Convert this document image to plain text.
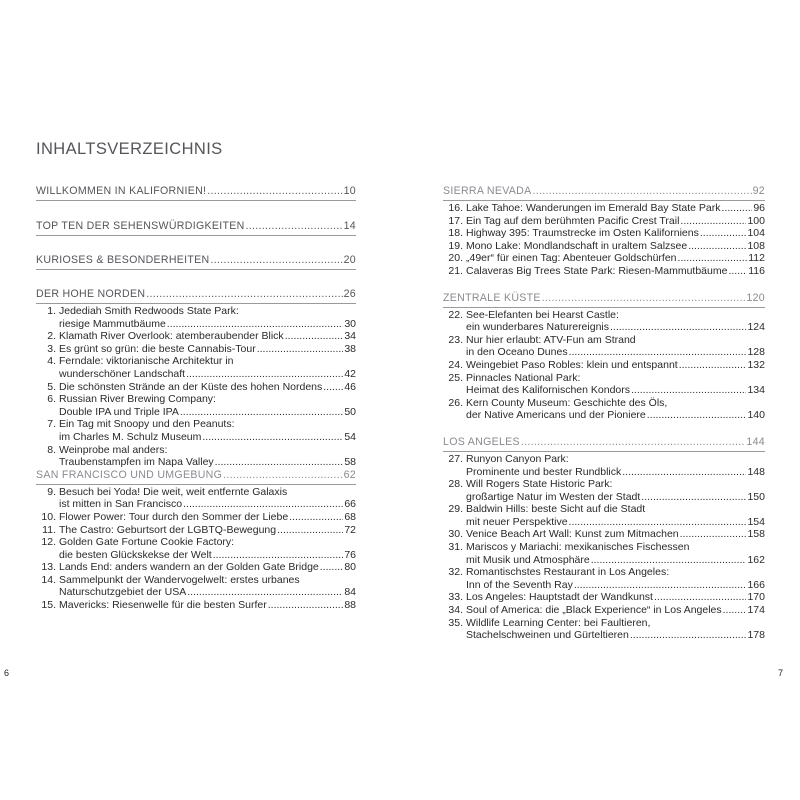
INHALTSVERZEICHNIS
WILLKOMMEN IN KALIFORNIEN! .....	10
TOP TEN DER SEHENSWÜRDIGKEITEN .....	14
KURIOSES & BESONDERHEITEN .....	20
DER HOHE NORDEN .....	26
1. Jedediah Smith Redwoods State Park:
riesige Mammutbäume .....	30
2. Klamath River Overlook: atemberaubender Blick .....	34
3. Es grünt so grün: die beste Cannabis-Tour .....	38
4. Ferndale: viktorianische Architektur in
wunderschöner Landschaft .....	42
5. Die schönsten Strände an der Küste des hohen Nordens ..... 46
6. Russian River Brewing Company:
Double IPA und Triple IPA .....	50
7. Ein Tag mit Snoopy und den Peanuts:
im Charles M. Schulz Museum .....	54
8. Weinprobe mal anders:
Traubenstampfen im Napa Valley .....	58
SAN FRANCISCO UND UMGEBUNG .....	62
9. Besuch bei Yoda! Die weit, weit entfernte Galaxis
ist mitten in San Francisco .....	66
10. Flower Power: Tour durch den Sommer der Liebe .....	68
11. The Castro: Geburtsort der LGBTQ-Bewegung .....	72
12. Golden Gate Fortune Cookie Factory:
die besten Glückskekse der Welt .....	76
13. Lands End: anders wandern an der Golden Gate Bridge ..... 80
14. Sammelpunkt der Wandervogelwelt: erstes urbanes
Naturschutzgebiet der USA .....	84
15. Mavericks: Riesenwelle für die besten Surfer .....	88
SIERRA NEVADA .....	92
16. Lake Tahoe: Wanderungen im Emerald Bay State Park .....	96
17. Ein Tag auf dem berühmten Pacific Crest Trail .....	100
18. Highway 395: Traumstrecke im Osten Kaliforniens .....	104
19. Mono Lake: Mondlandschaft in uraltem Salzsee .....	108
20. „49er“ für einen Tag: Abenteuer Goldschürfen .....	112
21. Calaveras Big Trees State Park: Riesen-Mammutbäume ..... 116
ZENTRALE KÜSTE .....	120
22. See-Elefanten bei Hearst Castle:
ein wunderbares Naturereignis .....	124
23. Nur hier erlaubt: ATV-Fun am Strand
in den Oceano Dunes .....	128
24. Weingebiet Paso Robles: klein und entspannt .....	132
25. Pinnacles National Park:
Heimat des Kalifornischen Kondors .....	134
26. Kern County Museum: Geschichte des Öls,
der Native Americans und der Pioniere .....	140
LOS ANGELES .....	144
27. Runyon Canyon Park:
Prominente und bester Rundblick .....	148
28. Will Rogers State Historic Park:
großartige Natur im Westen der Stadt .....	150
29. Baldwin Hills: beste Sicht auf die Stadt
mit neuer Perspektive .....	154
30. Venice Beach Art Wall: Kunst zum Mitmachen .....	158
31. Mariscos y Mariachi: mexikanisches Fischessen
mit Musik und Atmosphäre .....	162
32. Romantischstes Restaurant in Los Angeles:
Inn of the Seventh Ray .....	166
33. Los Angeles: Hauptstadt der Wandkunst .....	170
34. Soul of America: die „Black Experience“ in Los Angeles ..... 174
35. Wildlife Learning Center: bei Faultieren,
Stachelschweinen und Gürteltieren .....	178
6	7
